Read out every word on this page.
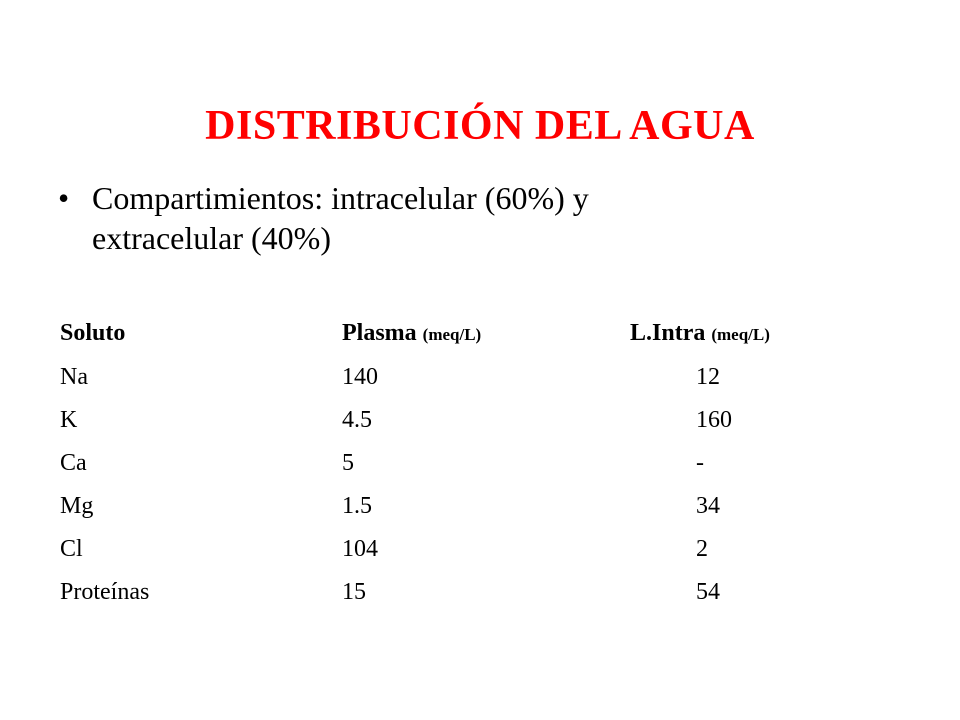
DISTRIBUCIÓN DEL AGUA
• Compartimientos: intracelular (60%) y
extracelular (40%)
Soluto	Plasma (meq/L)	L.Intra (meq/L)
Na	140	12
K	4.5	160
Ca	5	-
Mg	1.5	34
Cl	104	2
Proteínas	15	54
